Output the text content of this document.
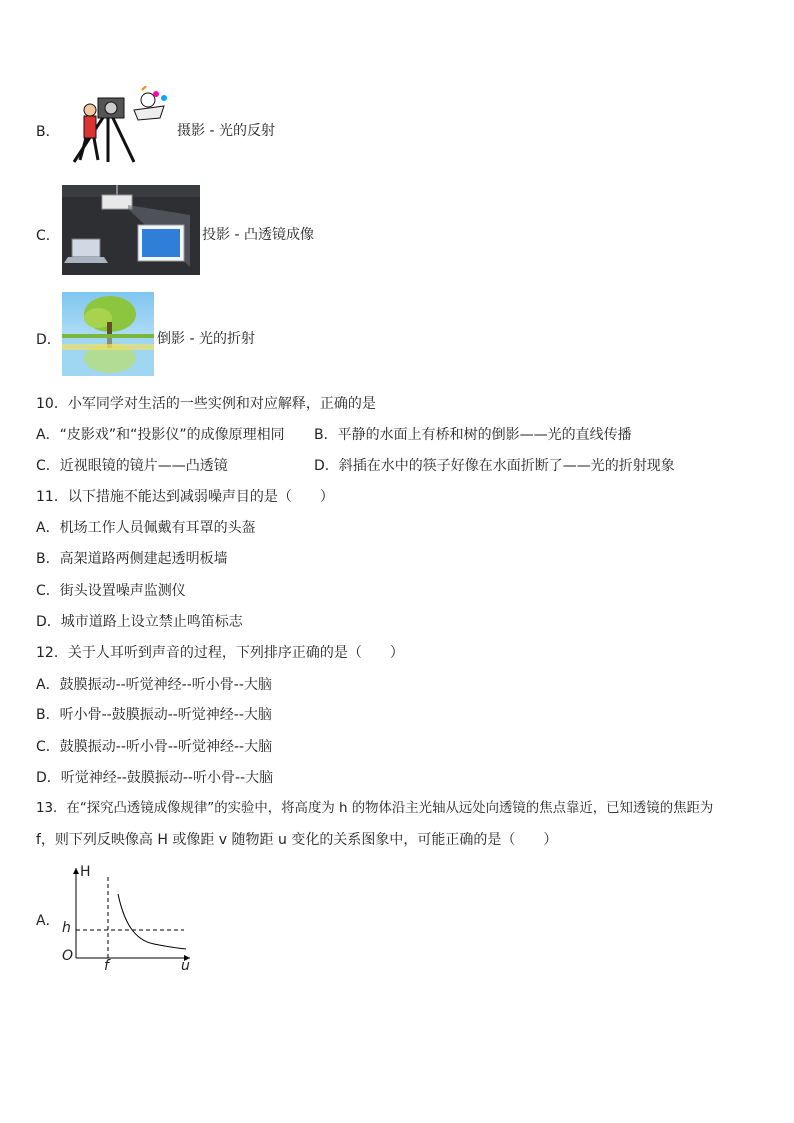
B．	摄影 - 光的反射
C．	投影 - 凸透镜成像
D．	倒影 - 光的折射
10．小军同学对生活的一些实例和对应解释，正确的是
A．“皮影戏”和“投影仪”的成像原理相同 B．平静的水面上有桥和树的倒影——光的直线传播
C．近视眼镜的镜片——凸透镜	D．斜插在水中的筷子好像在水面折断了——光的折射现象
11．以下措施不能达到减弱噪声目的是（　　）
A．机场工作人员佩戴有耳罩的头盔
B．高架道路两侧建起透明板墙
C．街头设置噪声监测仪
D．城市道路上设立禁止鸣笛标志
12．关于人耳听到声音的过程，下列排序正确的是（　　）
A．鼓膜振动--听觉神经--听小骨--大脑
B．听小骨--鼓膜振动--听觉神经--大脑
C．鼓膜振动--听小骨--听觉神经--大脑
D．听觉神经--鼓膜振动--听小骨--大脑
13．在“探究凸透镜成像规律”的实验中，将高度为 h 的物体沿主光轴从远处向透镜的焦点靠近，已知透镜的焦距为
f，则下列反映像高 H 或像距 v 随物距 u 变化的关系图象中，可能正确的是（　　）
A．
H
h
O
f	u
